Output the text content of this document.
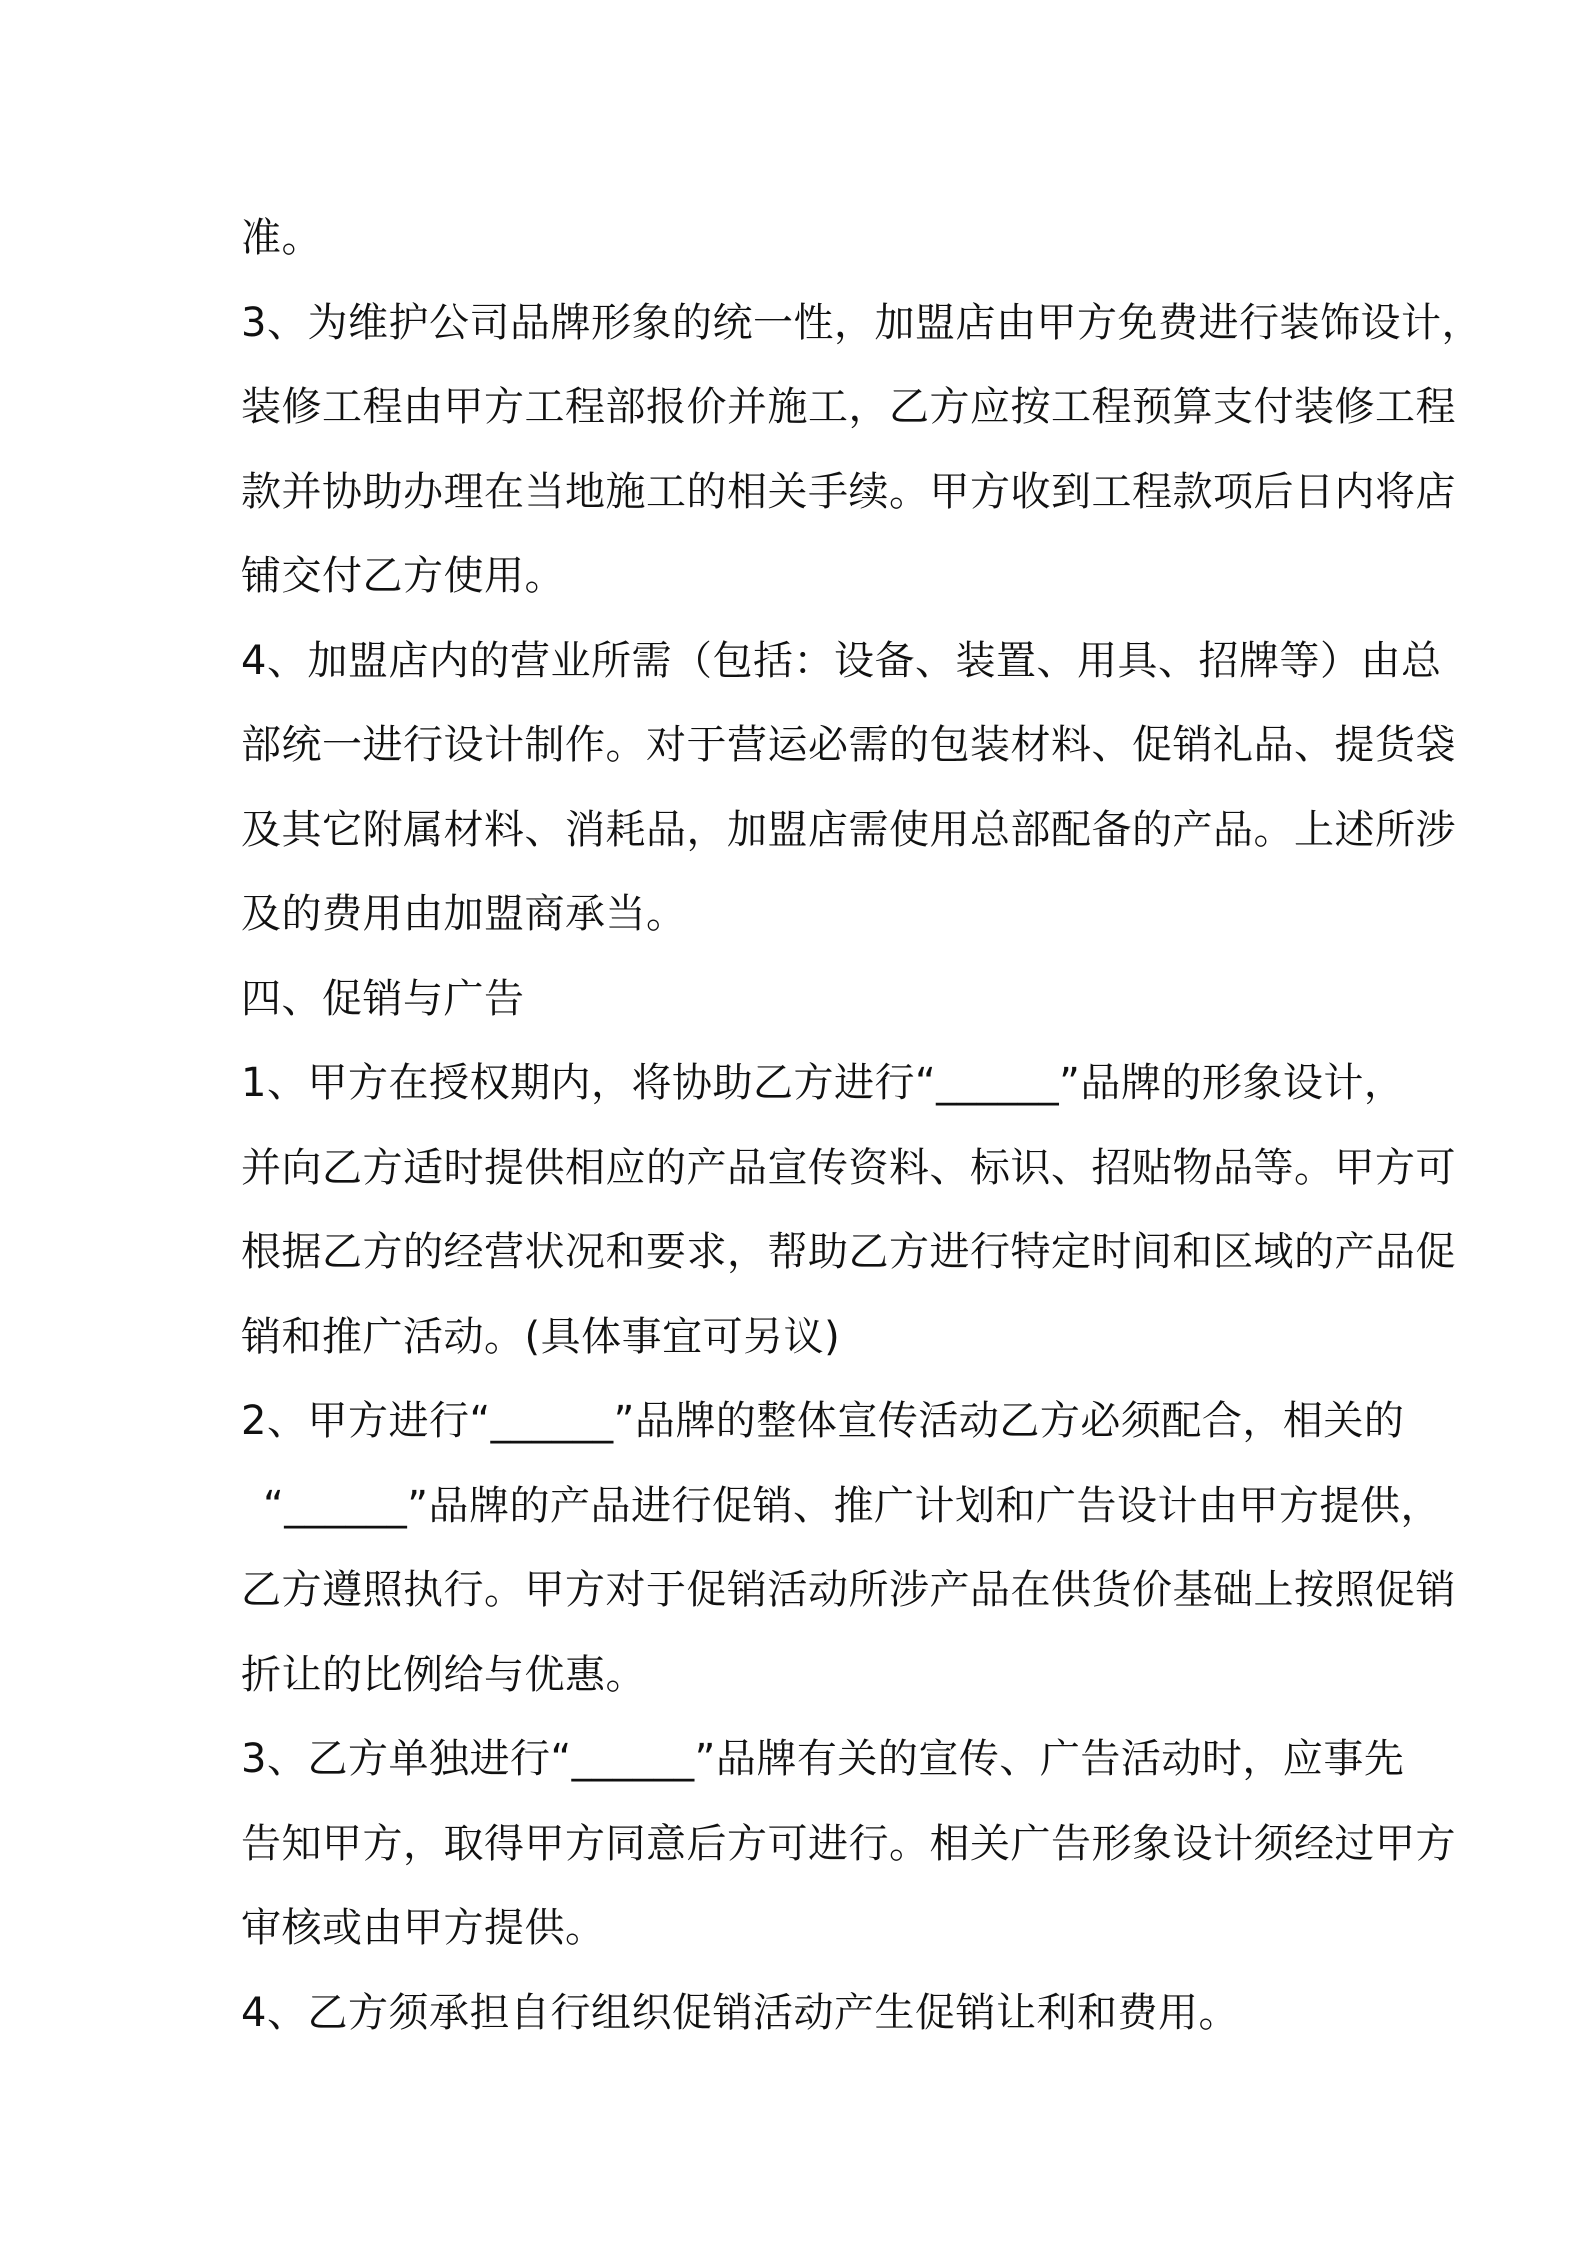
准。
3、为维护公司品牌形象的统一性，加盟店由甲方免费进行装饰设计，
装修工程由甲方工程部报价并施工，乙方应按工程预算支付装修工程
款并协助办理在当地施工的相关手续。甲方收到工程款项后日内将店
铺交付乙方使用。
4、加盟店内的营业所需（包括：设备、装置、用具、招牌等）由总
部统一进行设计制作。对于营运必需的包装材料、促销礼品、提货袋
及其它附属材料、消耗品，加盟店需使用总部配备的产品。上述所涉
及的费用由加盟商承当。
四、促销与广告
1、甲方在授权期内，将协助乙方进行“______”品牌的形象设计，
并向乙方适时提供相应的产品宣传资料、标识、招贴物品等。甲方可
根据乙方的经营状况和要求，帮助乙方进行特定时间和区域的产品促
销和推广活动。(具体事宜可另议)
2、甲方进行“______”品牌的整体宣传活动乙方必须配合，相关的
“______”品牌的产品进行促销、推广计划和广告设计由甲方提供，
乙方遵照执行。甲方对于促销活动所涉产品在供货价基础上按照促销
折让的比例给与优惠。
3、乙方单独进行“______”品牌有关的宣传、广告活动时，应事先
告知甲方，取得甲方同意后方可进行。相关广告形象设计须经过甲方
审核或由甲方提供。
4、乙方须承担自行组织促销活动产生促销让利和费用。
